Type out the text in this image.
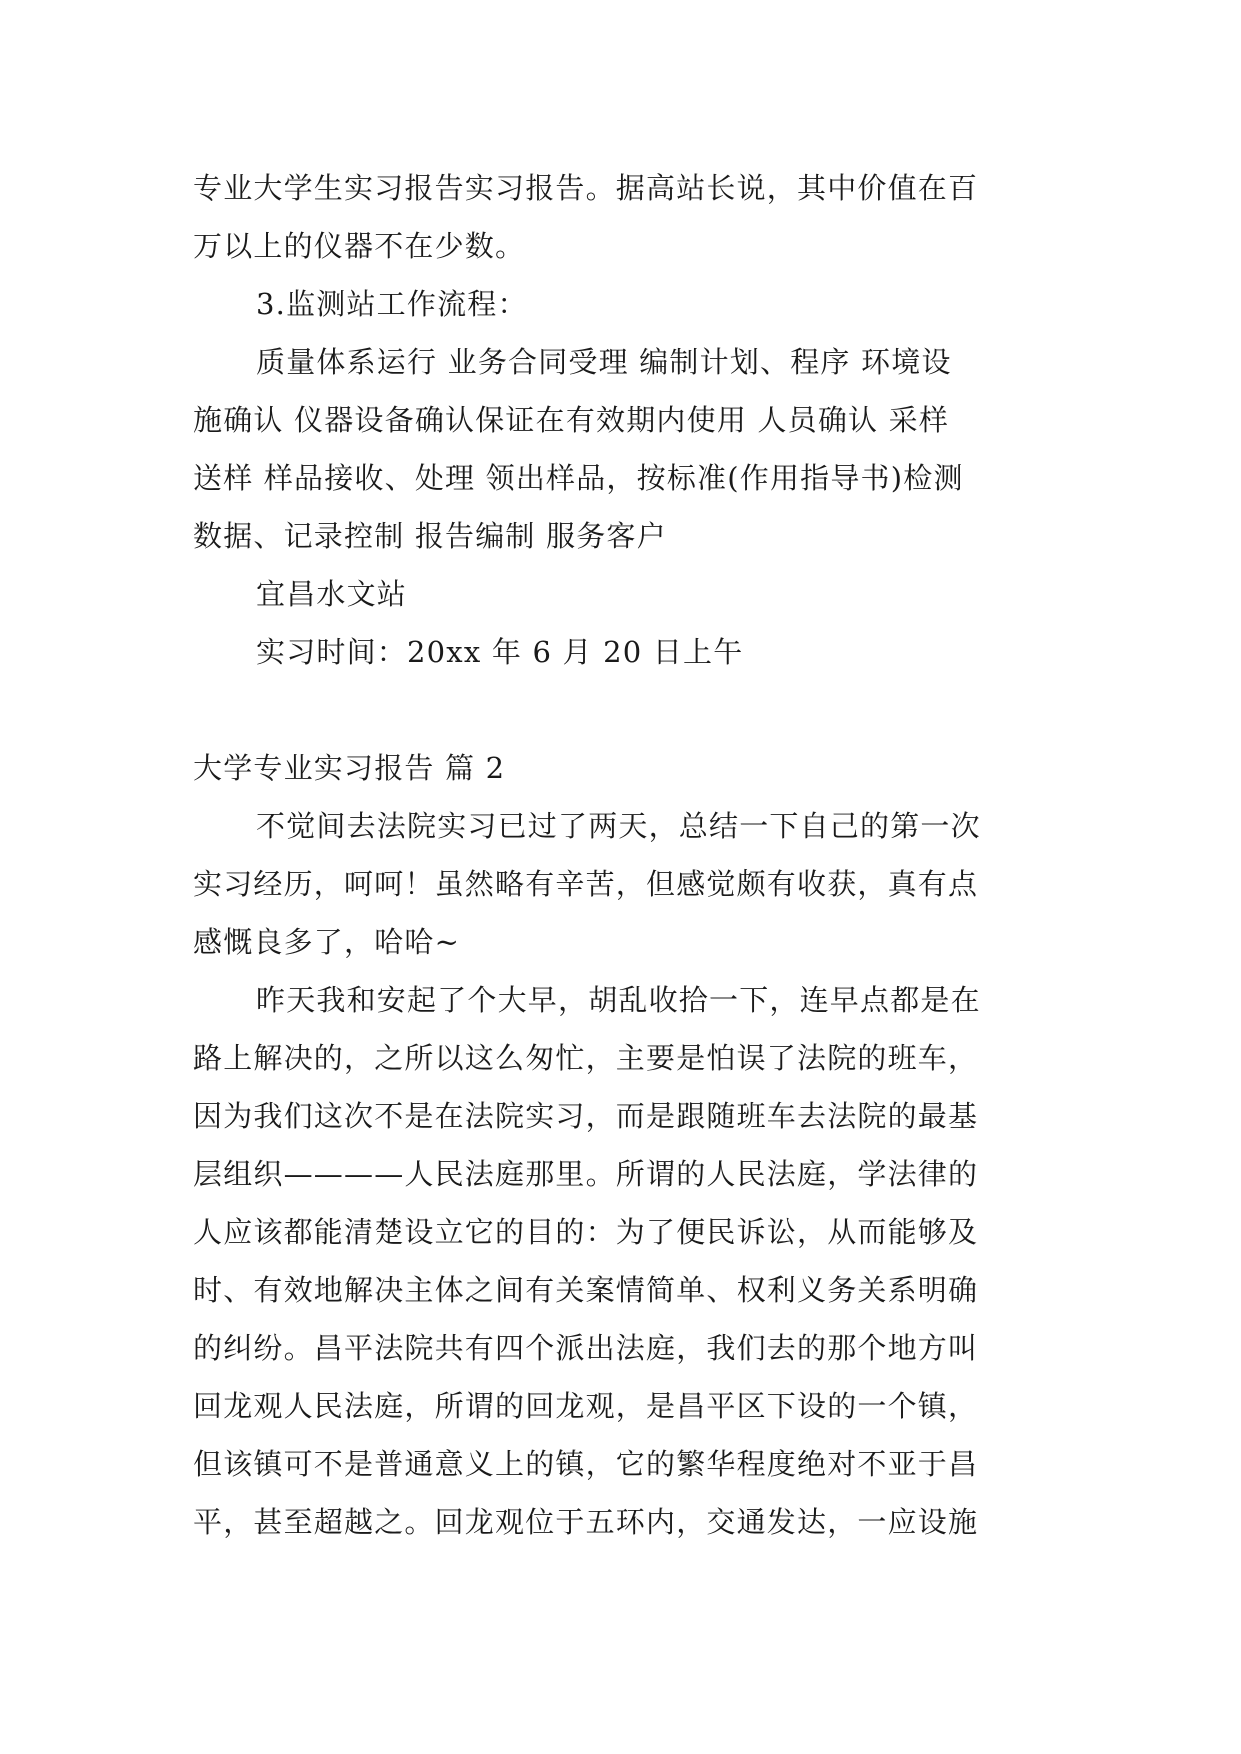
专业大学生实习报告实习报告。据高站长说，其中价值在百
万以上的仪器不在少数。
3.监测站工作流程：
质量体系运行 业务合同受理 编制计划、程序 环境设
施确认 仪器设备确认保证在有效期内使用 人员确认 采样
送样 样品接收、处理 领出样品，按标准(作用指导书)检测
数据、记录控制 报告编制 服务客户
宜昌水文站
实习时间：20xx 年 6 月 20 日上午
大学专业实习报告 篇 2
不觉间去法院实习已过了两天，总结一下自己的第一次
实习经历，呵呵！虽然略有辛苦，但感觉颇有收获，真有点
感慨良多了，哈哈~
昨天我和安起了个大早，胡乱收拾一下，连早点都是在
路上解决的，之所以这么匆忙，主要是怕误了法院的班车，
因为我们这次不是在法院实习，而是跟随班车去法院的最基
层组织————人民法庭那里。所谓的人民法庭，学法律的
人应该都能清楚设立它的目的：为了便民诉讼，从而能够及
时、有效地解决主体之间有关案情简单、权利义务关系明确
的纠纷。昌平法院共有四个派出法庭，我们去的那个地方叫
回龙观人民法庭，所谓的回龙观，是昌平区下设的一个镇，
但该镇可不是普通意义上的镇，它的繁华程度绝对不亚于昌
平，甚至超越之。回龙观位于五环内，交通发达，一应设施
